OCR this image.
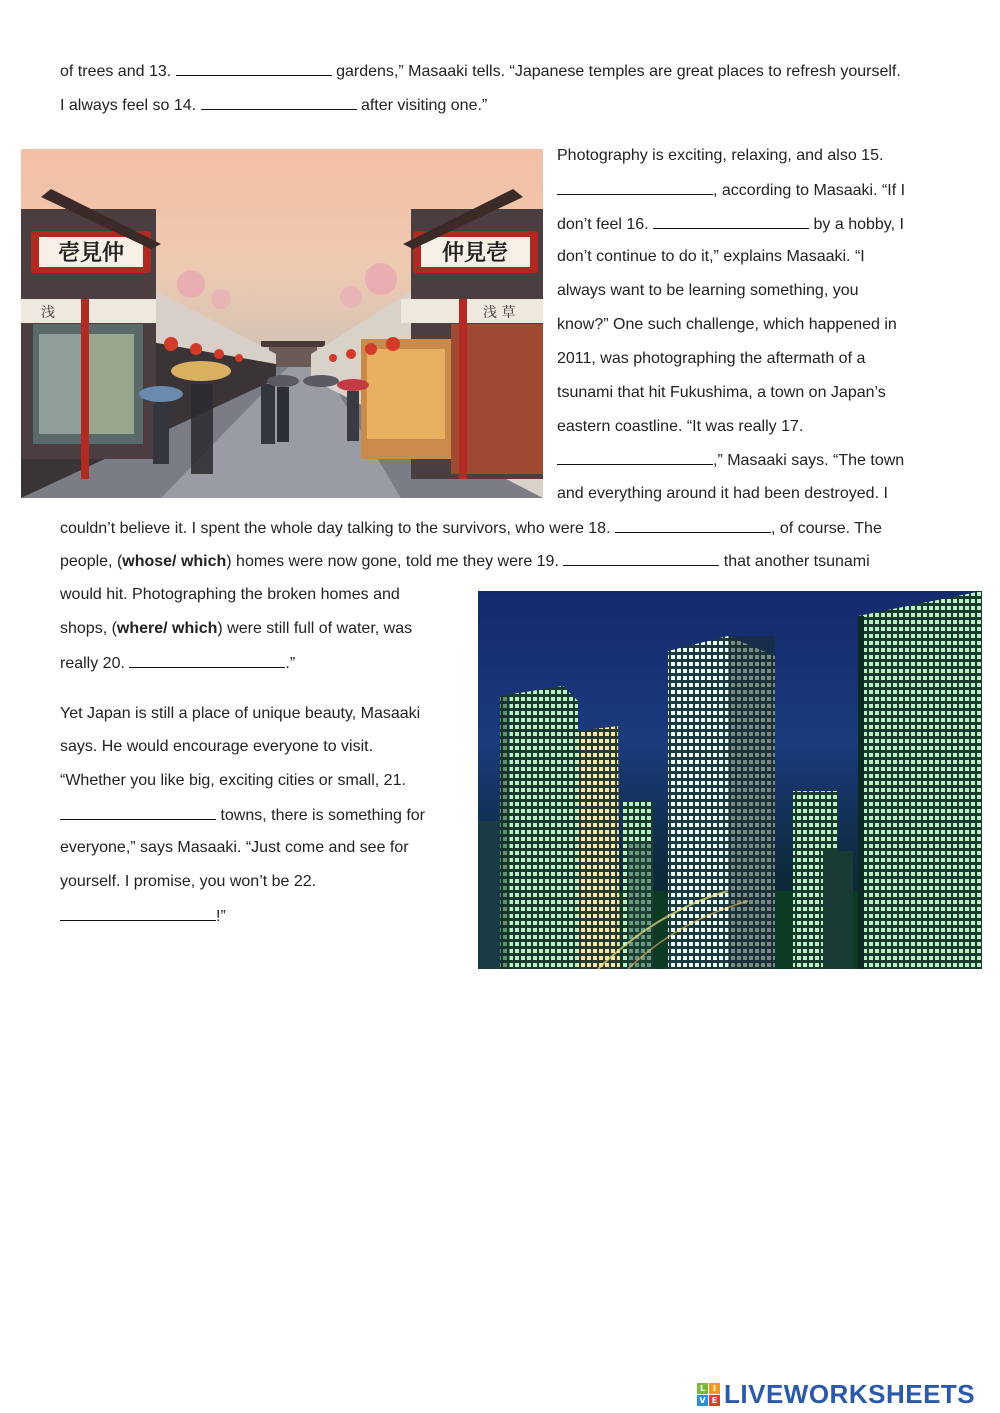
of trees and 13.	gardens,” Masaaki tells. “Japanese temples are great places to refresh yourself.
I always feel so 14.	after visiting one.”
壱見仲
浅
仲見壱
浅 草
Photography is exciting, relaxing, and also 15.
, according to Masaaki. “If I
don’t feel 16.	by a hobby, I
don’t continue to do it,” explains Masaaki. “I
always want to be learning something, you
know?” One such challenge, which happened in
2011, was photographing the aftermath of a
tsunami that hit Fukushima, a town on Japan’s
eastern coastline. “It was really 17.
,” Masaaki says. “The town
and everything around it had been destroyed. I
couldn’t believe it. I spent the whole day talking to the survivors, who were 18.	, of course. The
people, (whose/ which) homes were now gone, told me they were 19.	that another tsunami
would hit. Photographing the broken homes and
shops, (where/ which) were still full of water, was
really 20.	.”
Yet Japan is still a place of unique beauty, Masaaki
says. He would encourage everyone to visit.
“Whether you like big, exciting cities or small, 21.
towns, there is something for
everyone,” says Masaaki. “Just come and see for
yourself. I promise, you won’t be 22.
!”
L I
V E LIVEWORKSHEETS
